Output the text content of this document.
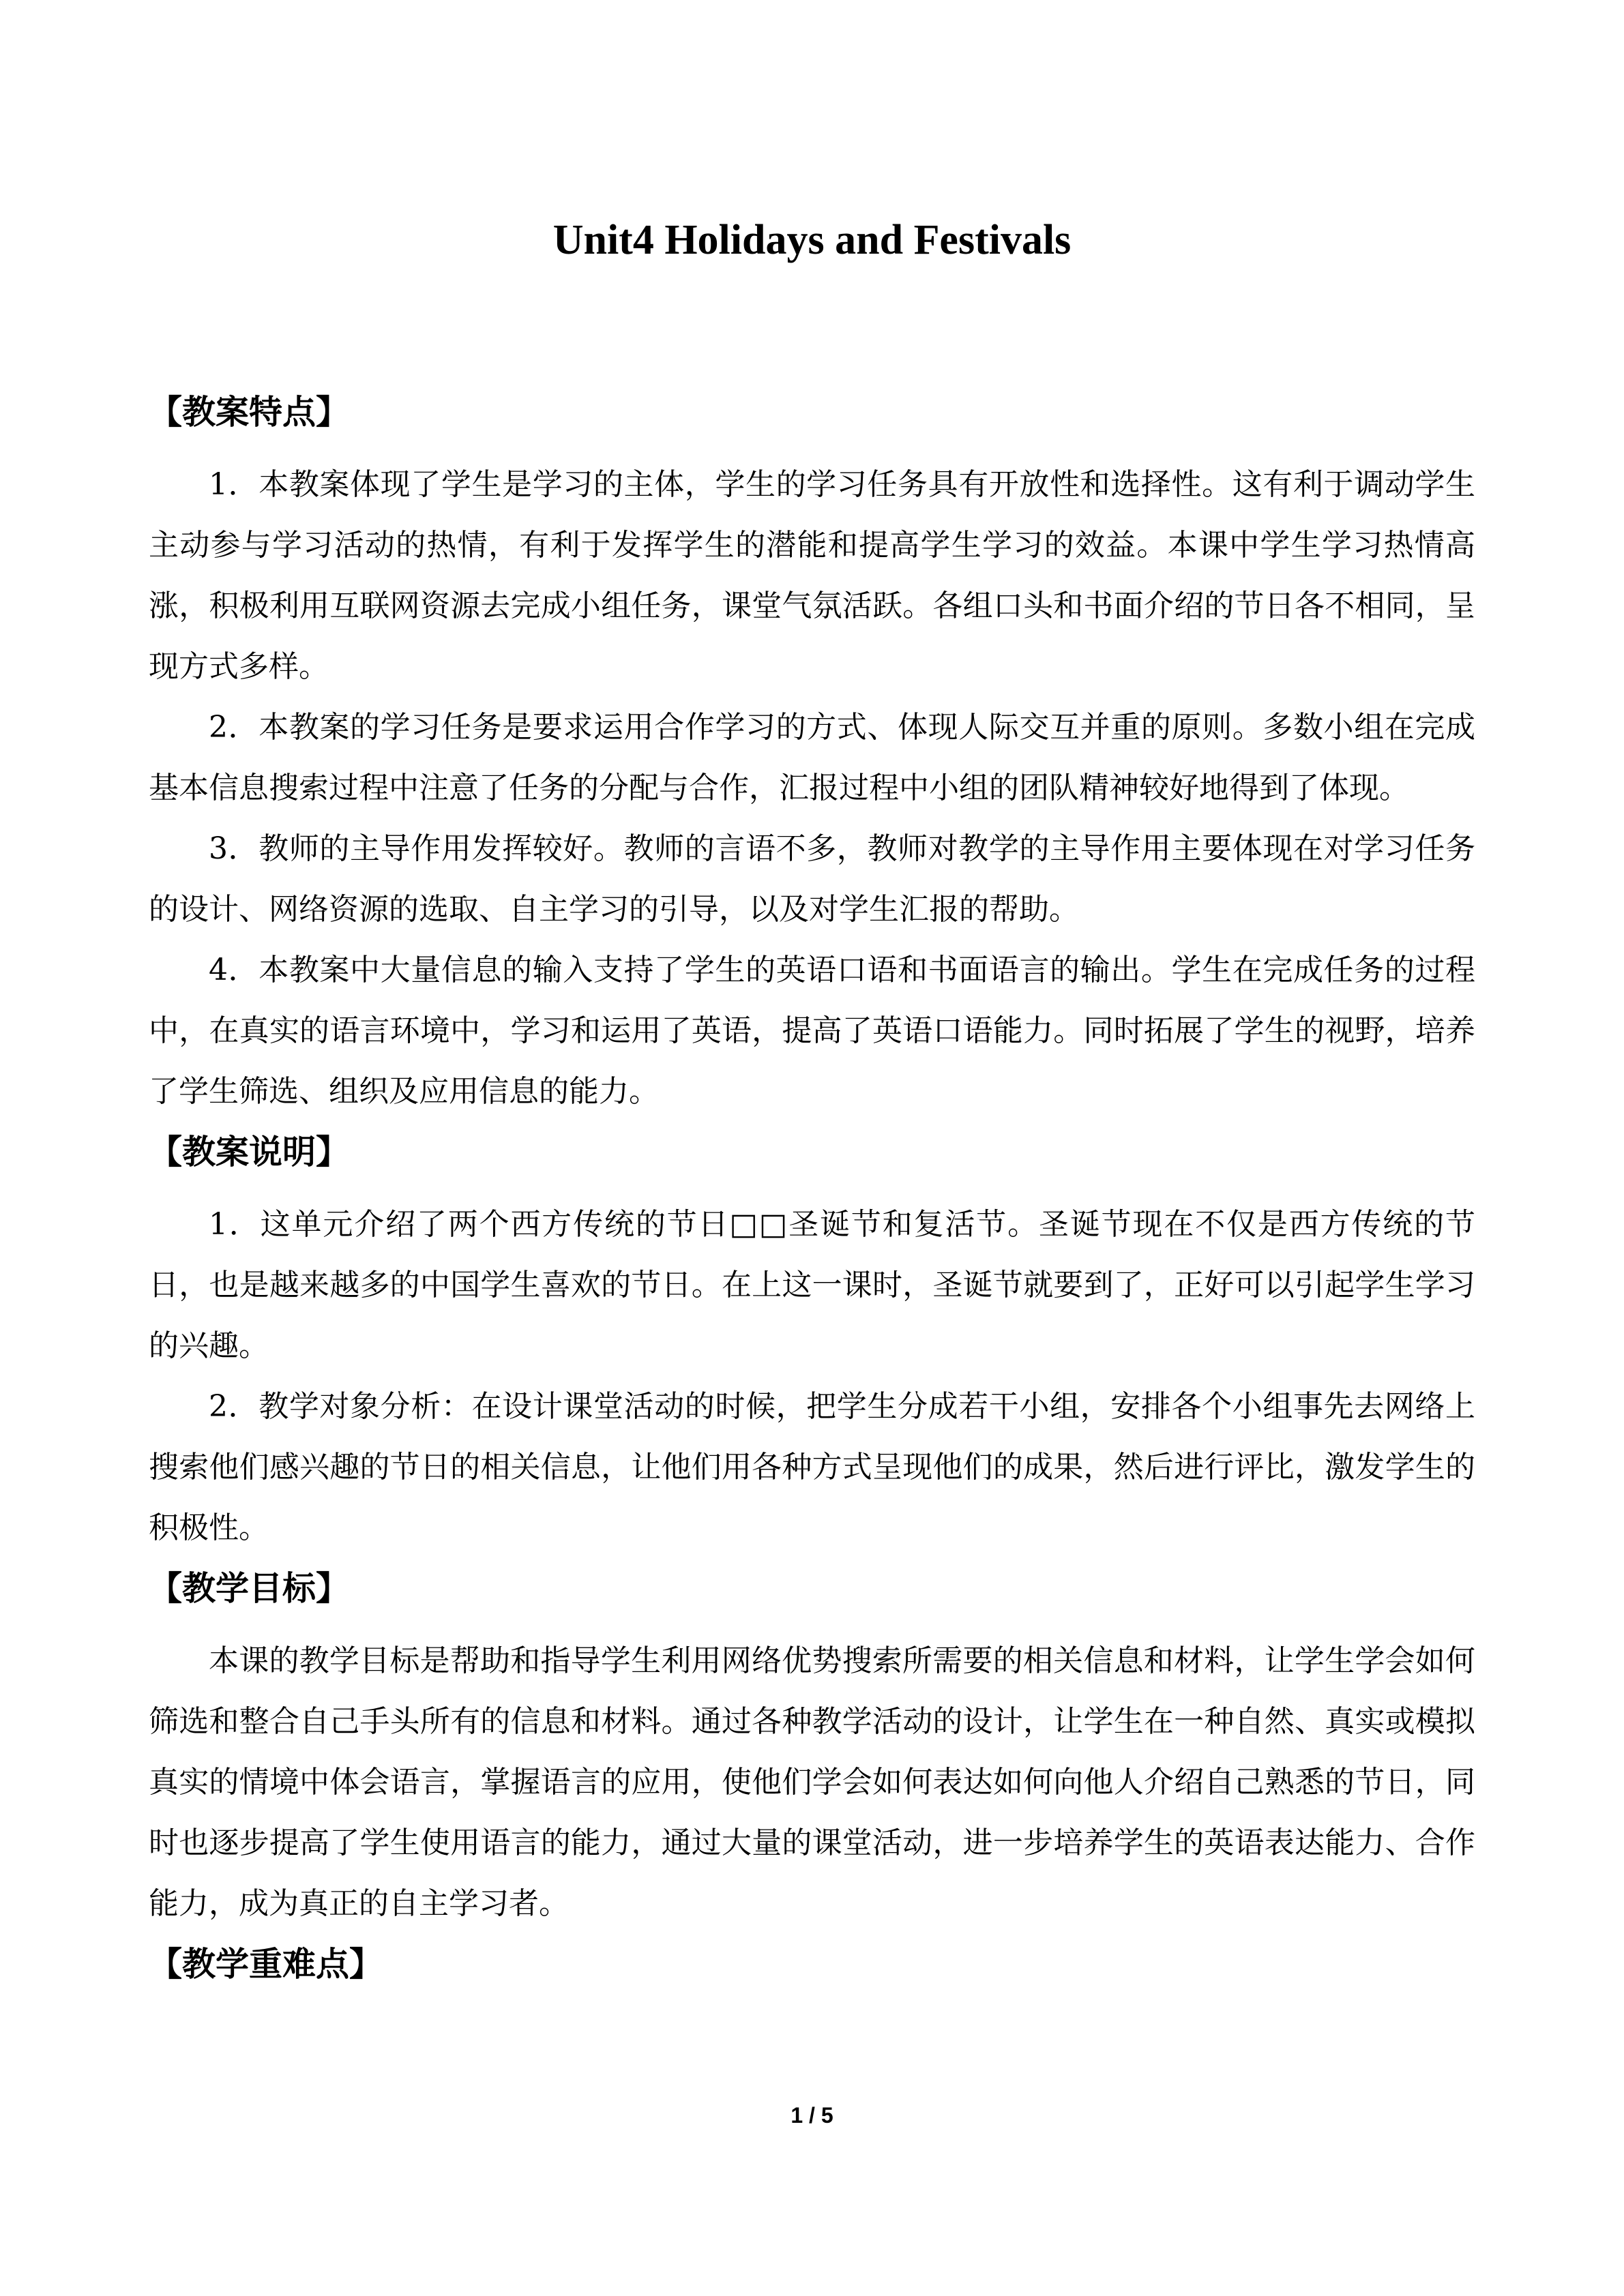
Unit4 Holidays and Festivals
【教案特点】

1．本教案体现了学生是学习的主体，学生的学习任务具有开放性和选择性。这有利于调动学生主动参与学习活动的热情，有利于发挥学生的潜能和提高学生学习的效益。本课中学生学习热情高涨，积极利用互联网资源去完成小组任务，课堂气氛活跃。各组口头和书面介绍的节日各不相同，呈现方式多样。

2．本教案的学习任务是要求运用合作学习的方式、体现人际交互并重的原则。多数小组在完成基本信息搜索过程中注意了任务的分配与合作，汇报过程中小组的团队精神较好地得到了体现。

3．教师的主导作用发挥较好。教师的言语不多，教师对教学的主导作用主要体现在对学习任务的设计、网络资源的选取、自主学习的引导，以及对学生汇报的帮助。

4．本教案中大量信息的输入支持了学生的英语口语和书面语言的输出。学生在完成任务的过程中，在真实的语言环境中，学习和运用了英语，提高了英语口语能力。同时拓展了学生的视野，培养了学生筛选、组织及应用信息的能力。

【教案说明】

1．这单元介绍了两个西方传统的节日□□圣诞节和复活节。圣诞节现在不仅是西方传统的节日，也是越来越多的中国学生喜欢的节日。在上这一课时，圣诞节就要到了，正好可以引起学生学习的兴趣。

2．教学对象分析：在设计课堂活动的时候，把学生分成若干小组，安排各个小组事先去网络上搜索他们感兴趣的节日的相关信息，让他们用各种方式呈现他们的成果，然后进行评比，激发学生的积极性。

【教学目标】

本课的教学目标是帮助和指导学生利用网络优势搜索所需要的相关信息和材料，让学生学会如何筛选和整合自己手头所有的信息和材料。通过各种教学活动的设计，让学生在一种自然、真实或模拟真实的情境中体会语言，掌握语言的应用，使他们学会如何表达如何向他人介绍自己熟悉的节日，同时也逐步提高了学生使用语言的能力，通过大量的课堂活动，进一步培养学生的英语表达能力、合作能力，成为真正的自主学习者。

【教学重难点】
1 / 5
